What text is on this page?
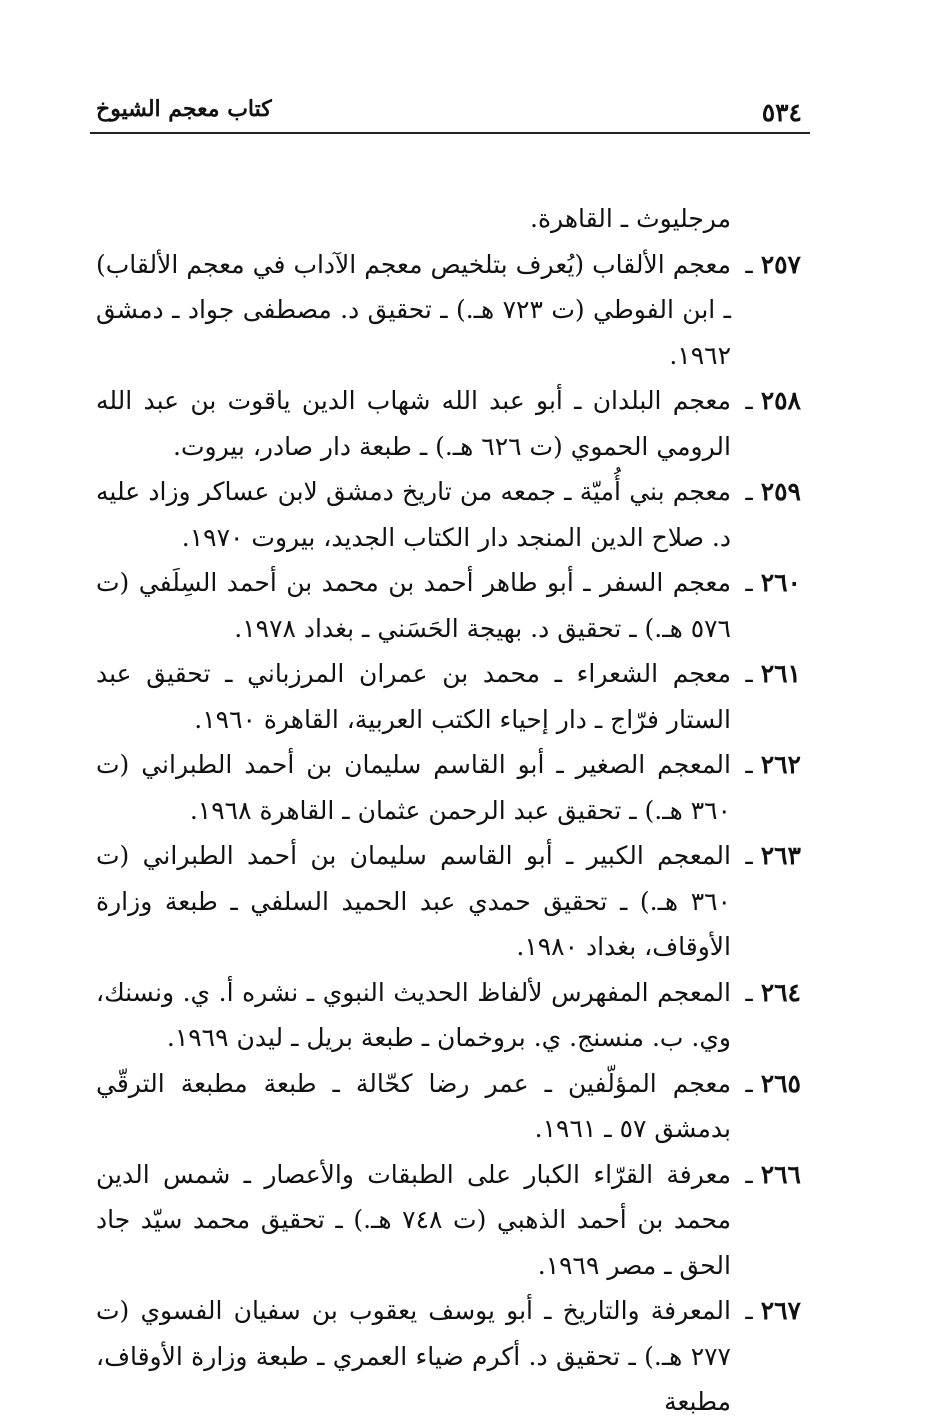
٥٣٤
كتاب معجم الشيوخ
مرجليوث ـ القاهرة.
٢٥٧ ـ
معجم الألقاب (يُعرف بتلخيص معجم الآداب في معجم الألقاب) ـ ابن الفوطي (ت ٧٢٣ هـ.) ـ تحقيق د. مصطفى جواد ـ دمشق ١٩٦٢.
٢٥٨ ـ
معجم البلدان ـ أبو عبد الله شهاب الدين ياقوت بن عبد الله الرومي الحموي (ت ٦٢٦ هـ.) ـ طبعة دار صادر، بيروت.
٢٥٩ ـ
معجم بني أُميّة ـ جمعه من تاريخ دمشق لابن عساكر وزاد عليه د. صلاح الدين المنجد دار الكتاب الجديد، بيروت ١٩٧٠.
٢٦٠ ـ
معجم السفر ـ أبو طاهر أحمد بن محمد بن أحمد السِلَفي (ت ٥٧٦ هـ.) ـ تحقيق د. بهيجة الحَسَني ـ بغداد ١٩٧٨.
٢٦١ ـ
معجم الشعراء ـ محمد بن عمران المرزباني ـ تحقيق عبد الستار فرّاج ـ دار إحياء الكتب العربية، القاهرة ١٩٦٠.
٢٦٢ ـ
المعجم الصغير ـ أبو القاسم سليمان بن أحمد الطبراني (ت ٣٦٠ هـ.) ـ تحقيق عبد الرحمن عثمان ـ القاهرة ١٩٦٨.
٢٦٣ ـ
المعجم الكبير ـ أبو القاسم سليمان بن أحمد الطبراني (ت ٣٦٠ هـ.) ـ تحقيق حمدي عبد الحميد السلفي ـ طبعة وزارة الأوقاف، بغداد ١٩٨٠.
٢٦٤ ـ
المعجم المفهرس لألفاظ الحديث النبوي ـ نشره أ. ي. ونسنك، وي. ب. منسنج. ي. بروخمان ـ طبعة بريل ـ ليدن ١٩٦٩.
٢٦٥ ـ
معجم المؤلّفين ـ عمر رضا كحّالة ـ طبعة مطبعة الترقّي بدمشق ٥٧ ـ ١٩٦١.
٢٦٦ ـ
معرفة القرّاء الكبار على الطبقات والأعصار ـ شمس الدين محمد بن أحمد الذهبي (ت ٧٤٨ هـ.) ـ تحقيق محمد سيّد جاد الحق ـ مصر ١٩٦٩.
٢٦٧ ـ
المعرفة والتاريخ ـ أبو يوسف يعقوب بن سفيان الفسوي (ت ٢٧٧ هـ.) ـ تحقيق د. أكرم ضياء العمري ـ طبعة وزارة الأوقاف، مطبعة
